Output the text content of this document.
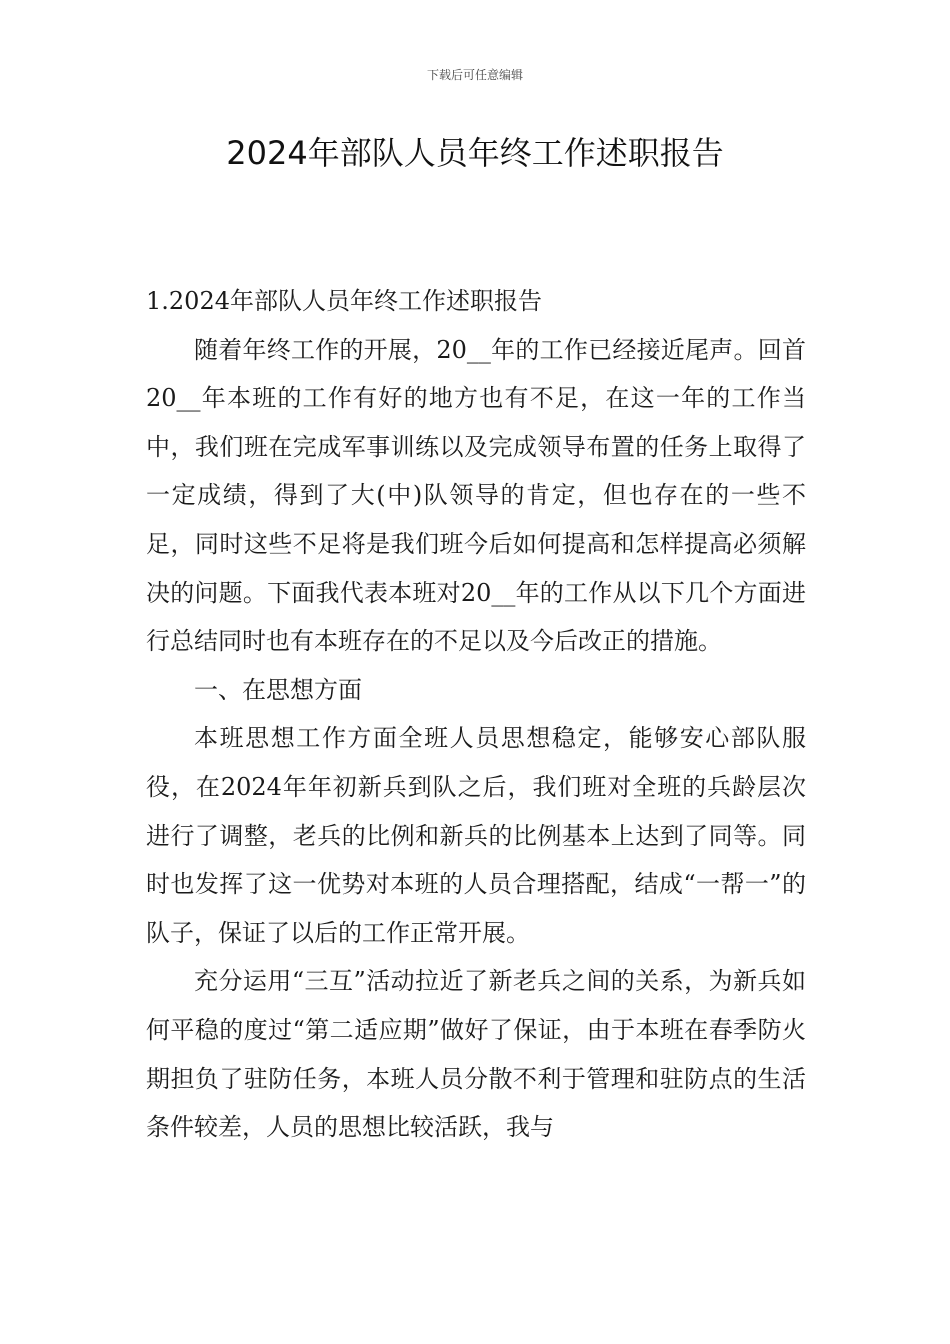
下载后可任意编辑
2024年部队人员年终工作述职报告

1.2024年部队人员年终工作述职报告

随着年终工作的开展，20__年的工作已经接近尾声。回首20__年本班的工作有好的地方也有不足，在这一年的工作当中，我们班在完成军事训练以及完成领导布置的任务上取得了一定成绩，得到了大(中)队领导的肯定，但也存在的一些不足，同时这些不足将是我们班今后如何提高和怎样提高必须解决的问题。下面我代表本班对20__年的工作从以下几个方面进行总结同时也有本班存在的不足以及今后改正的措施。

一、在思想方面

本班思想工作方面全班人员思想稳定，能够安心部队服役，在2024年年初新兵到队之后，我们班对全班的兵龄层次进行了调整，老兵的比例和新兵的比例基本上达到了同等。同时也发挥了这一优势对本班的人员合理搭配，结成“一帮一”的队子，保证了以后的工作正常开展。

充分运用“三互”活动拉近了新老兵之间的关系，为新兵如何平稳的度过“第二适应期”做好了保证，由于本班在春季防火期担负了驻防任务，本班人员分散不利于管理和驻防点的生活条件较差，人员的思想比较活跃，我与
